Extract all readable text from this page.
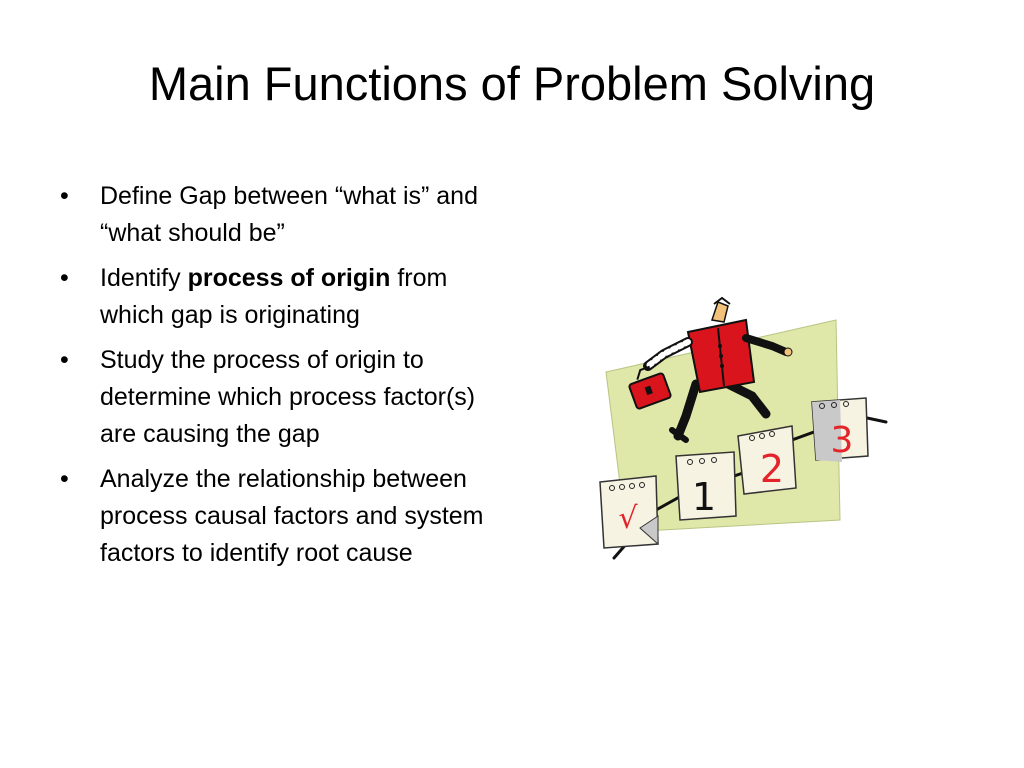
Main Functions of Problem Solving
• Define Gap between “what is” and “what should be”
• Identify process of origin from which gap is originating
• Study the process of origin to determine which process factor(s) are causing the gap
• Analyze the relationship between process causal factors and system factors to identify root cause
√ 1
2
3
